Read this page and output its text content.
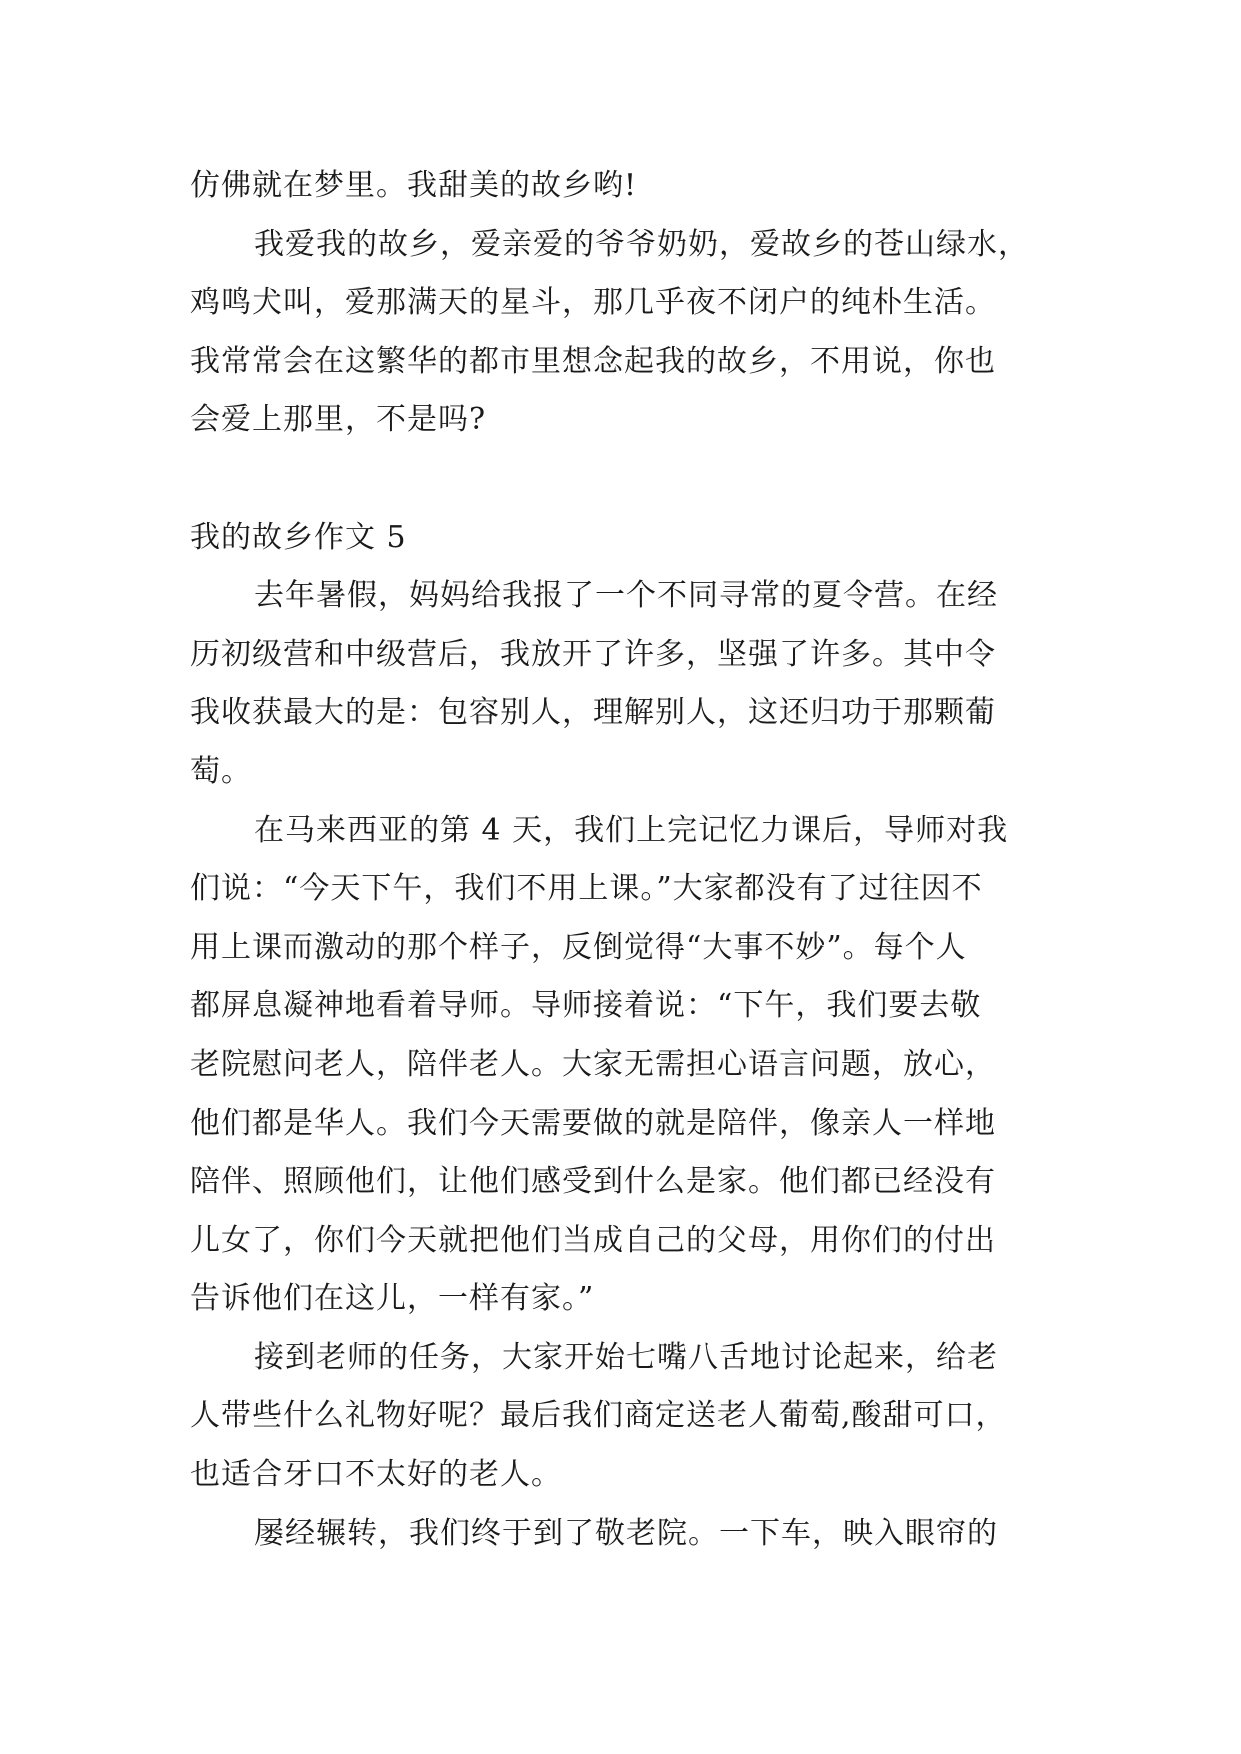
仿佛就在梦里。我甜美的故乡哟!
我爱我的故乡，爱亲爱的爷爷奶奶，爱故乡的苍山绿水，
鸡鸣犬叫，爱那满天的星斗，那几乎夜不闭户的纯朴生活。
我常常会在这繁华的都市里想念起我的故乡，不用说，你也
会爱上那里，不是吗?
我的故乡作文 5
去年暑假，妈妈给我报了一个不同寻常的夏令营。在经
历初级营和中级营后，我放开了许多，坚强了许多。其中令
我收获最大的是：包容别人，理解别人，这还归功于那颗葡
萄。
在马来西亚的第 4 天，我们上完记忆力课后，导师对我
们说：“今天下午，我们不用上课。”大家都没有了过往因不
用上课而激动的那个样子，反倒觉得“大事不妙”。每个人
都屏息凝神地看着导师。导师接着说：“下午，我们要去敬
老院慰问老人，陪伴老人。大家无需担心语言问题，放心，
他们都是华人。我们今天需要做的就是陪伴，像亲人一样地
陪伴、照顾他们，让他们感受到什么是家。他们都已经没有
儿女了，你们今天就把他们当成自己的父母，用你们的付出
告诉他们在这儿，一样有家。”
接到老师的任务，大家开始七嘴八舌地讨论起来，给老
人带些什么礼物好呢？最后我们商定送老人葡萄,酸甜可口，
也适合牙口不太好的老人。
屡经辗转，我们终于到了敬老院。一下车，映入眼帘的
